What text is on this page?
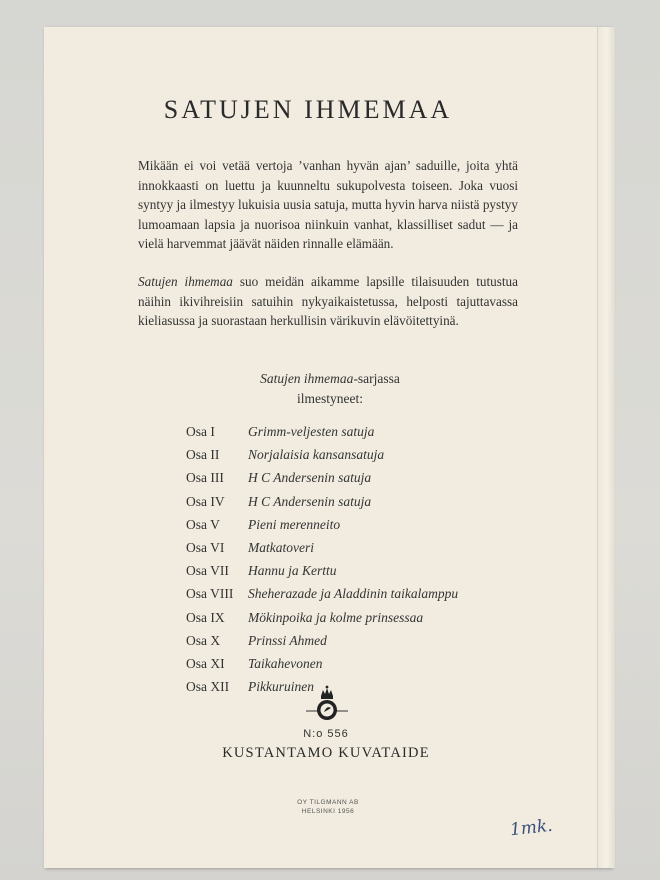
SATUJEN IHMEMAA

Mikään ei voi vetää vertoja ’vanhan hyvän ajan’ saduille, joita yhtä innokkaasti on luettu ja kuunneltu sukupolvesta toiseen. Joka vuosi syntyy ja ilmestyy lukuisia uusia satuja, mutta hyvin harva niistä pystyy lumoamaan lapsia ja nuorisoa niinkuin vanhat, klassilliset sadut — ja vielä harvemmat jäävät näiden rinnalle elämään.

Satujen ihmemaa suo meidän aikamme lapsille tilaisuuden tutustua näihin ikivihreisiin satuihin nykyaikaistetussa, helposti tajuttavassa kieliasussa ja suorastaan herkullisin värikuvin elävöitettyinä.

Satujen ihmemaa-sarjassa
ilmestyneet:
Osa I Grimm-veljesten satuja
Osa II Norjalaisia kansansatuja
Osa III H C Andersenin satuja
Osa IV H C Andersenin satuja
Osa V Pieni merenneito
Osa VI Matkatoveri
Osa VII Hannu ja Kerttu
Osa VIII Sheherazade ja Aladdinin taikalamppu
Osa IX Mökinpoika ja kolme prinsessaa
Osa X Prinssi Ahmed
Osa XI Taikahevonen
Osa XII Pikkuruinen
N:o 556
KUSTANTAMO KUVATAIDE
OY TILGMANN AB
HELSINKI 1956
1mk.
